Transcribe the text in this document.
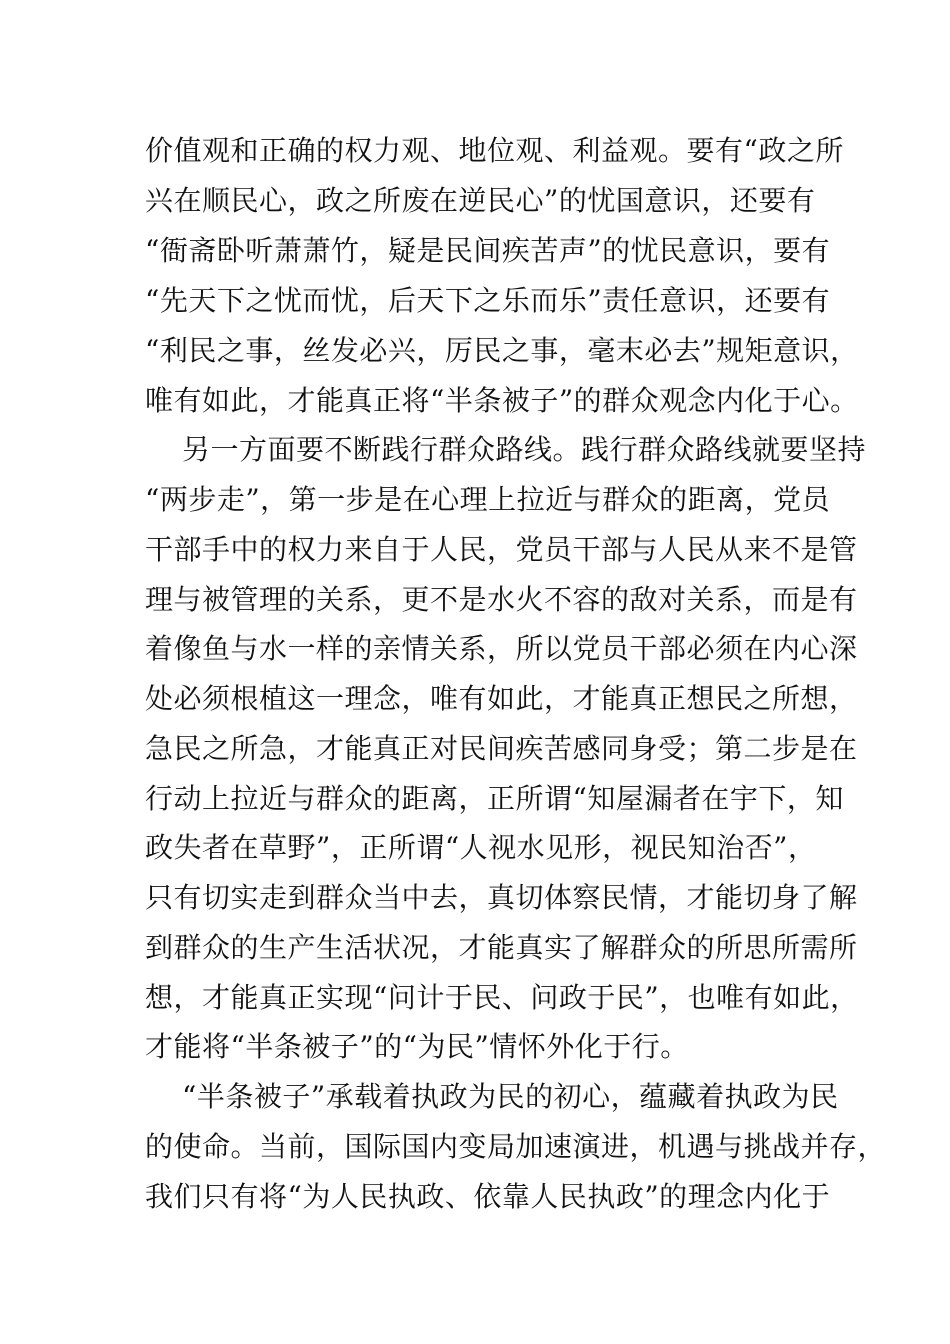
价值观和正确的权力观、地位观、利益观。要有“政之所
兴在顺民心，政之所废在逆民心”的忧国意识，还要有
“衙斋卧听萧萧竹，疑是民间疾苦声”的忧民意识，要有
“先天下之忧而忧，后天下之乐而乐”责任意识，还要有
“利民之事，丝发必兴，厉民之事，毫末必去”规矩意识，
唯有如此，才能真正将“半条被子”的群众观念内化于心。
另一方面要不断践行群众路线。践行群众路线就要坚持
“两步走”，第一步是在心理上拉近与群众的距离，党员
干部手中的权力来自于人民，党员干部与人民从来不是管
理与被管理的关系，更不是水火不容的敌对关系，而是有
着像鱼与水一样的亲情关系，所以党员干部必须在内心深
处必须根植这一理念，唯有如此，才能真正想民之所想，
急民之所急，才能真正对民间疾苦感同身受；第二步是在
行动上拉近与群众的距离，正所谓“知屋漏者在宇下，知
政失者在草野”，正所谓“人视水见形，视民知治否”，
只有切实走到群众当中去，真切体察民情，才能切身了解
到群众的生产生活状况，才能真实了解群众的所思所需所
想，才能真正实现“问计于民、问政于民”，也唯有如此，
才能将“半条被子”的“为民”情怀外化于行。
“半条被子”承载着执政为民的初心，蕴藏着执政为民
的使命。当前，国际国内变局加速演进，机遇与挑战并存，
我们只有将“为人民执政、依靠人民执政”的理念内化于
